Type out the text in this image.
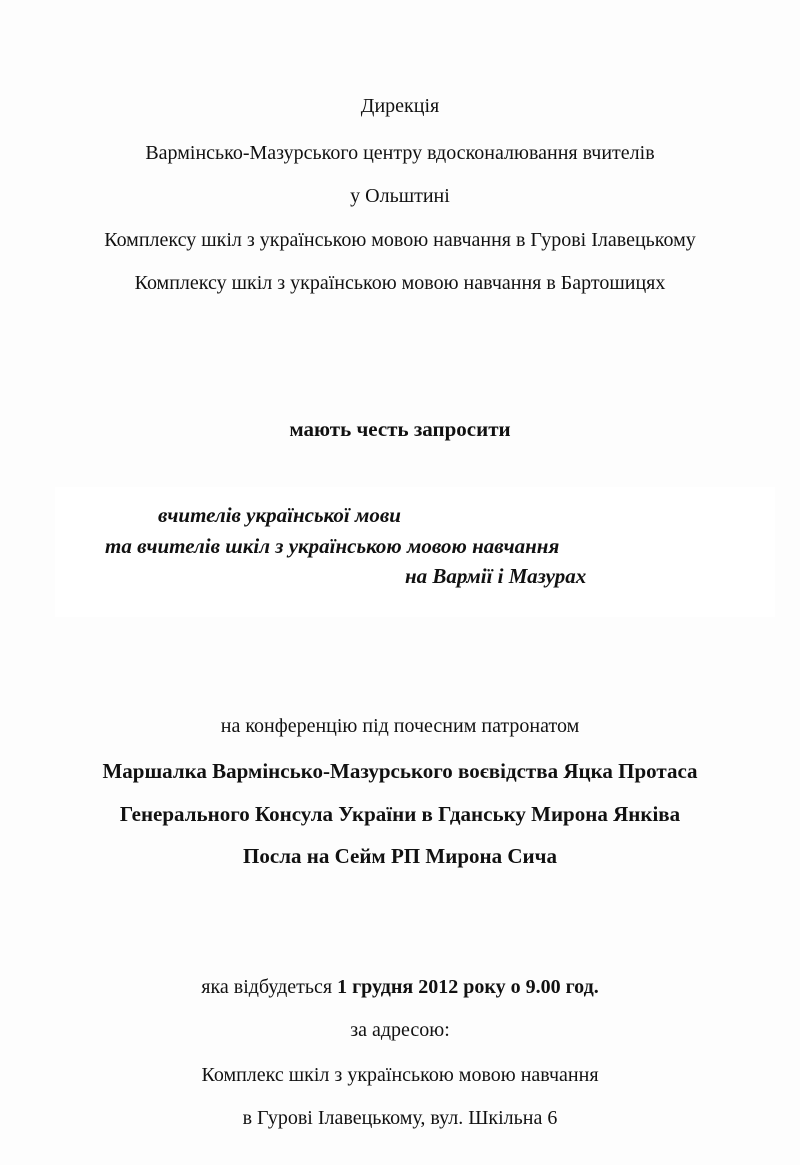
Дирекція
Вармінсько-Мазурського центру вдосконалювання вчителів
у Ольштині
Комплексу шкіл з українською мовою навчання в Гурові Ілавецькому
Комплексу шкіл з українською мовою навчання в Бартошицях
мають честь запросити
вчителів української мови
та вчителів шкіл з українською мовою навчання
на Вармії і Мазурах
на конференцію під почесним патронатом
Маршалка Вармінсько-Мазурського воєвідства Яцка Протаса
Генерального Консула України в Гданську Мирона Янківа
Посла на Сейм РП Мирона Сича
яка відбудеться 1 грудня 2012 року о 9.00 год.
за адресою:
Комплекс шкіл з українською мовою навчання
в Гурові Ілавецькому, вул. Шкільна 6
